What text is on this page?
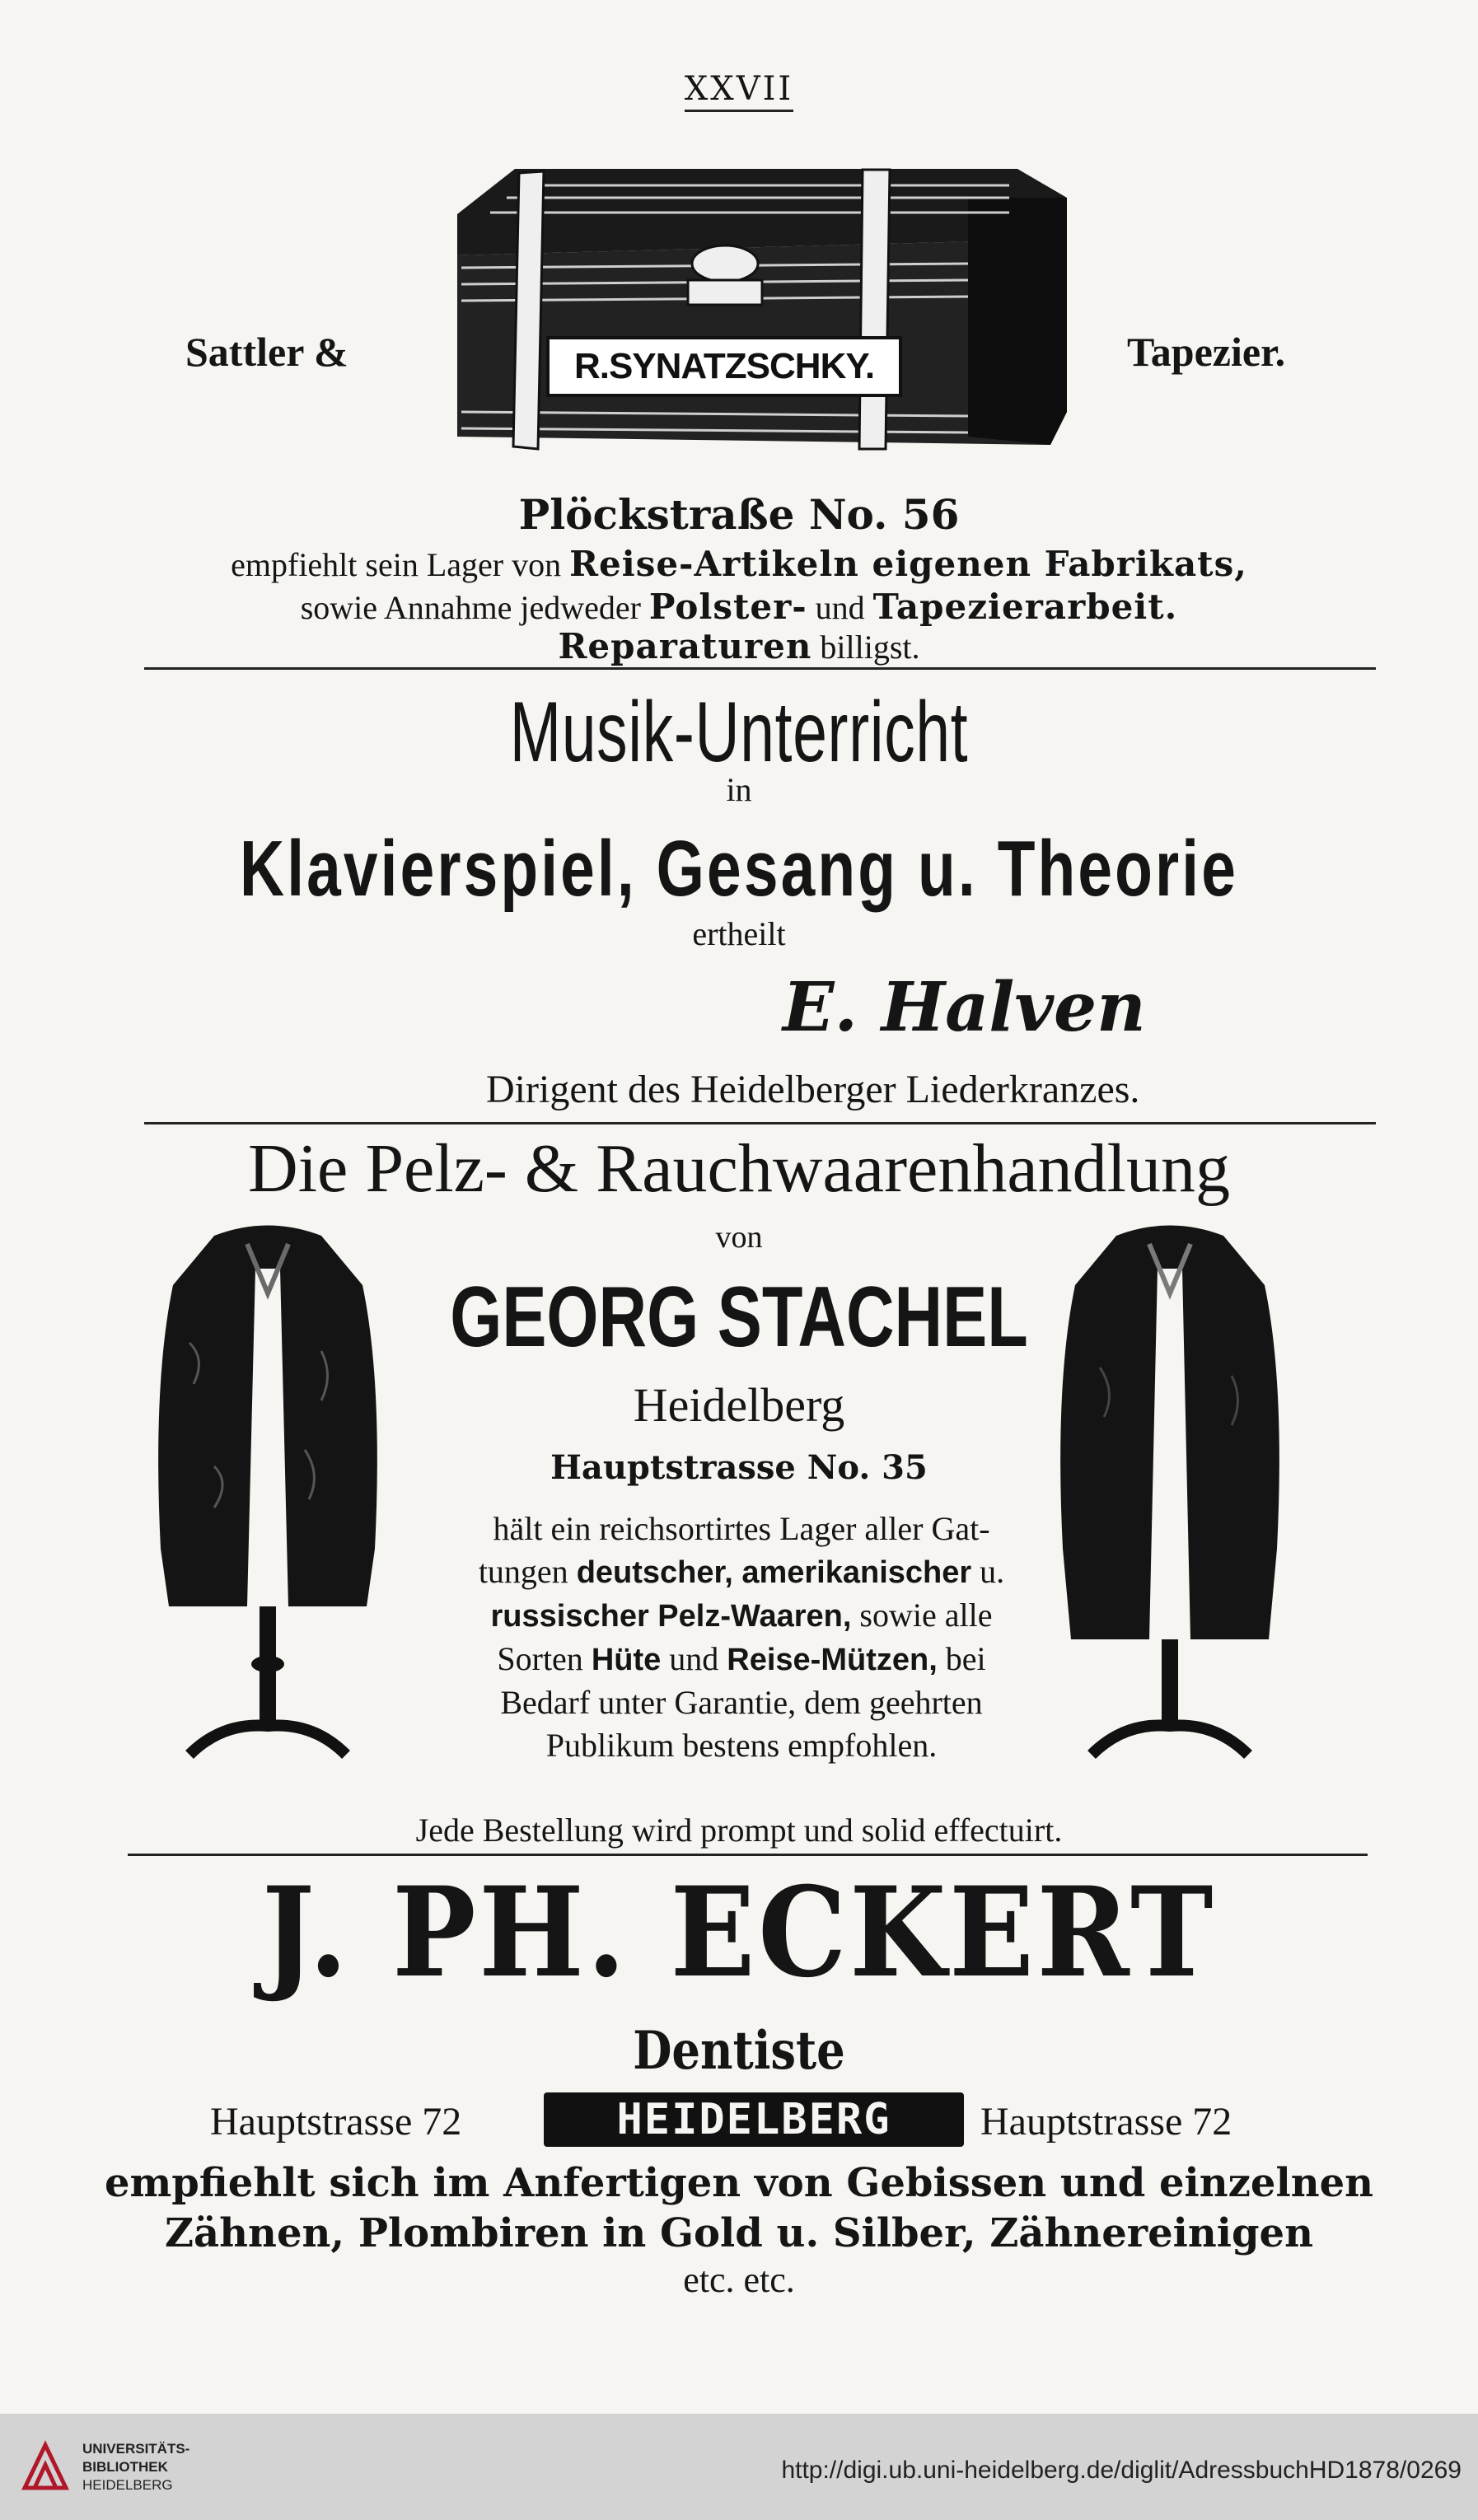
XXVII
Sattler &	Tapezier.
R.SYNATZSCHKY.
Plöckstraße No. 56
empfiehlt sein Lager von Reise-Artikeln eigenen Fabrikats,
sowie Annahme jedweder Polster- und Tapezierarbeit.
Reparaturen billigst.
Musik-Unterricht
in
Klavierspiel, Gesang u. Theorie
ertheilt
E. Halven
Dirigent des Heidelberger Liederkranzes.
Die Pelz- & Rauchwaarenhandlung
von
GEORG STACHEL
Heidelberg
Hauptstrasse No. 35
hält ein reichsortirtes Lager aller Gat-
tungen deutscher, amerikanischer u.
russischer Pelz-Waaren, sowie alle
Sorten Hüte und Reise-Mützen, bei
Bedarf unter Garantie, dem geehrten
Publikum bestens empfohlen.
Jede Bestellung wird prompt und solid effectuirt.
J. PH. ECKERT
Dentiste
Hauptstrasse 72	HEIDELBERG	Hauptstrasse 72
empfiehlt sich im Anfertigen von Gebissen und einzelnen
Zähnen, Plombiren in Gold u. Silber, Zähnereinigen
etc. etc.
UNIVERSITÄTS-
BIBLIOTHEK
HEIDELBERG
http://digi.ub.uni-heidelberg.de/diglit/AdressbuchHD1878/0269
